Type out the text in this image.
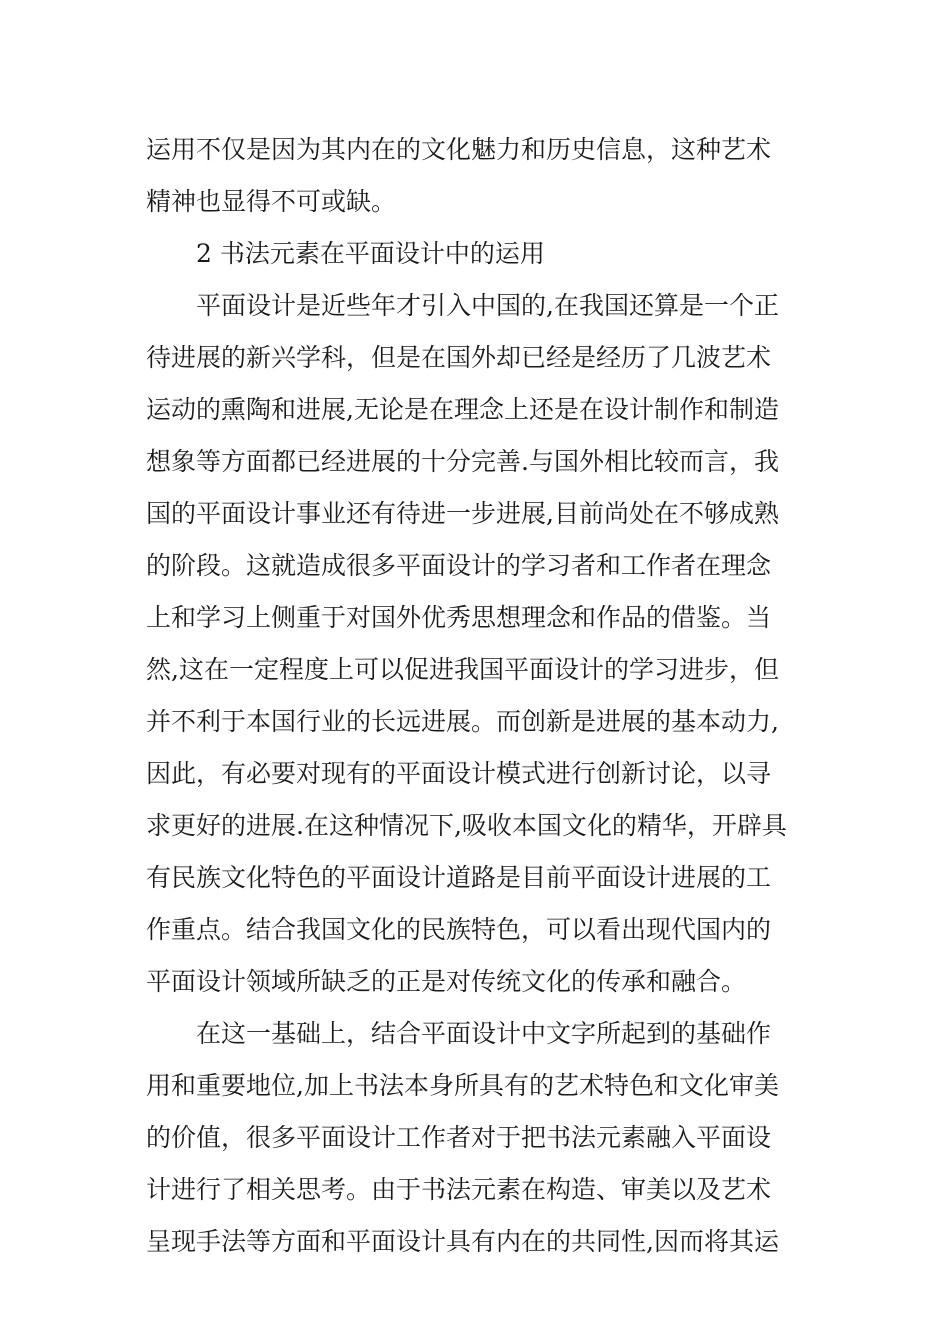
运用不仅是因为其内在的文化魅力和历史信息，这种艺术
精神也显得不可或缺。
2 书法元素在平面设计中的运用
平面设计是近些年才引入中国的,在我国还算是一个正
待进展的新兴学科，但是在国外却已经是经历了几波艺术
运动的熏陶和进展,无论是在理念上还是在设计制作和制造
想象等方面都已经进展的十分完善.与国外相比较而言，我
国的平面设计事业还有待进一步进展,目前尚处在不够成熟
的阶段。这就造成很多平面设计的学习者和工作者在理念
上和学习上侧重于对国外优秀思想理念和作品的借鉴。当
然,这在一定程度上可以促进我国平面设计的学习进步，但
并不利于本国行业的长远进展。而创新是进展的基本动力,
因此，有必要对现有的平面设计模式进行创新讨论，以寻
求更好的进展.在这种情况下,吸收本国文化的精华，开辟具
有民族文化特色的平面设计道路是目前平面设计进展的工
作重点。结合我国文化的民族特色，可以看出现代国内的
平面设计领域所缺乏的正是对传统文化的传承和融合。
在这一基础上，结合平面设计中文字所起到的基础作
用和重要地位,加上书法本身所具有的艺术特色和文化审美
的价值，很多平面设计工作者对于把书法元素融入平面设
计进行了相关思考。由于书法元素在构造、审美以及艺术
呈现手法等方面和平面设计具有内在的共同性,因而将其运
